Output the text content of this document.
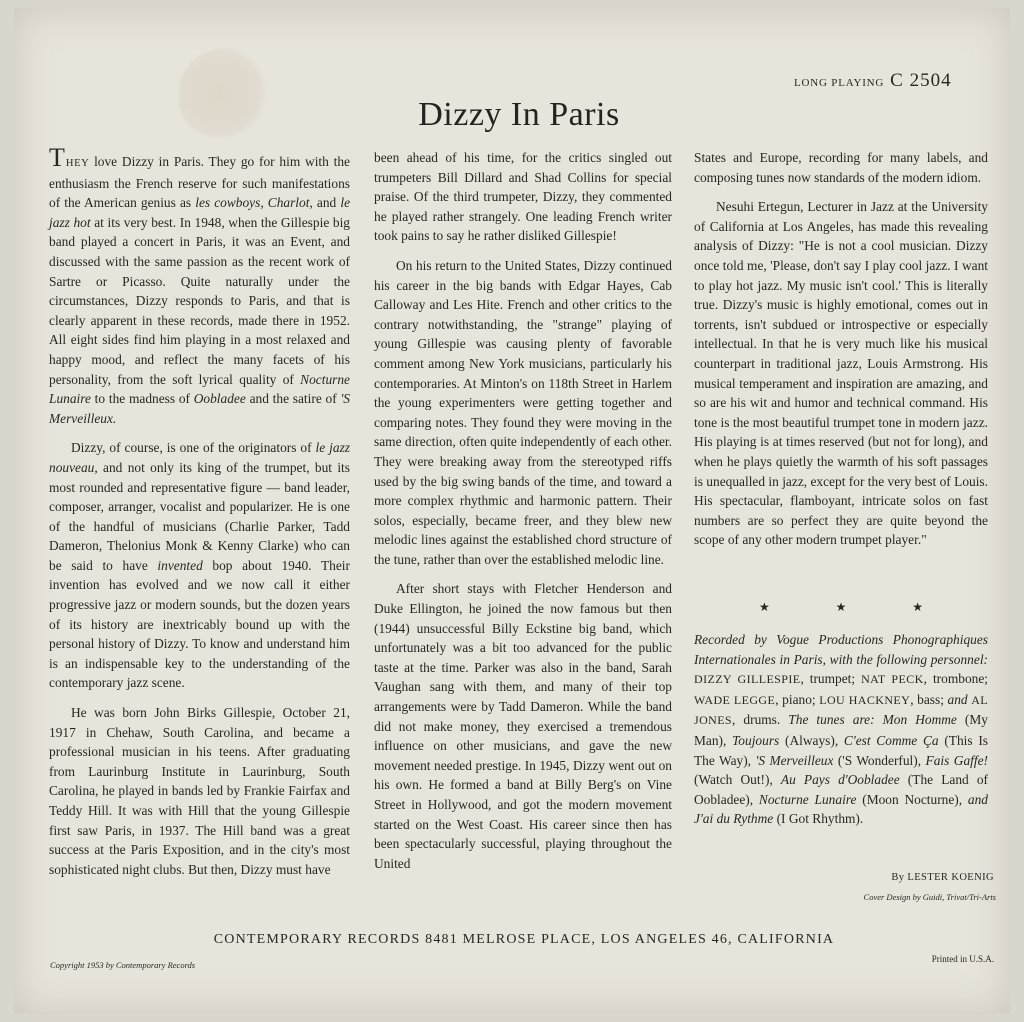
LONG PLAYING C 2504
Dizzy In Paris

THEY love Dizzy in Paris. They go for him with the enthusiasm the French reserve for such manifestations of the American genius as les cowboys, Charlot, and le jazz hot at its very best. In 1948, when the Gillespie big band played a concert in Paris, it was an Event, and discussed with the same passion as the recent work of Sartre or Picasso. Quite naturally under the circumstances, Dizzy responds to Paris, and that is clearly apparent in these records, made there in 1952. All eight sides find him playing in a most relaxed and happy mood, and reflect the many facets of his personality, from the soft lyrical quality of Nocturne Lunaire to the madness of Oobladee and the satire of 'S Merveilleux.

Dizzy, of course, is one of the originators of le jazz nouveau, and not only its king of the trumpet, but its most rounded and representative figure — band leader, composer, arranger, vocalist and popularizer. He is one of the handful of musicians (Charlie Parker, Tadd Dameron, Thelonius Monk & Kenny Clarke) who can be said to have invented bop about 1940. Their invention has evolved and we now call it either progressive jazz or modern sounds, but the dozen years of its history are inextricably bound up with the personal history of Dizzy. To know and understand him is an indispensable key to the understanding of the contemporary jazz scene.

He was born John Birks Gillespie, October 21, 1917 in Chehaw, South Carolina, and became a professional musician in his teens. After graduating from Laurinburg Institute in Laurinburg, South Carolina, he played in bands led by Frankie Fairfax and Teddy Hill. It was with Hill that the young Gillespie first saw Paris, in 1937. The Hill band was a great success at the Paris Exposition, and in the city's most sophisticated night clubs. But then, Dizzy must have

been ahead of his time, for the critics singled out trumpeters Bill Dillard and Shad Collins for special praise. Of the third trumpeter, Dizzy, they commented he played rather strangely. One leading French writer took pains to say he rather disliked Gillespie!

On his return to the United States, Dizzy continued his career in the big bands with Edgar Hayes, Cab Calloway and Les Hite. French and other critics to the contrary notwithstanding, the "strange" playing of young Gillespie was causing plenty of favorable comment among New York musicians, particularly his contemporaries. At Minton's on 118th Street in Harlem the young experimenters were getting together and comparing notes. They found they were moving in the same direction, often quite independently of each other. They were breaking away from the stereotyped riffs used by the big swing bands of the time, and toward a more complex rhythmic and harmonic pattern. Their solos, especially, became freer, and they blew new melodic lines against the established chord structure of the tune, rather than over the established melodic line.

After short stays with Fletcher Henderson and Duke Ellington, he joined the now famous but then (1944) unsuccessful Billy Eckstine big band, which unfortunately was a bit too advanced for the public taste at the time. Parker was also in the band, Sarah Vaughan sang with them, and many of their top arrangements were by Tadd Dameron. While the band did not make money, they exercised a tremendous influence on other musicians, and gave the new movement needed prestige. In 1945, Dizzy went out on his own. He formed a band at Billy Berg's on Vine Street in Hollywood, and got the modern movement started on the West Coast. His career since then has been spectacularly successful, playing throughout the United

States and Europe, recording for many labels, and composing tunes now standards of the modern idiom.

Nesuhi Ertegun, Lecturer in Jazz at the University of California at Los Angeles, has made this revealing analysis of Dizzy: "He is not a cool musician. Dizzy once told me, 'Please, don't say I play cool jazz. I want to play hot jazz. My music isn't cool.' This is literally true. Dizzy's music is highly emotional, comes out in torrents, isn't subdued or introspective or especially intellectual. In that he is very much like his musical counterpart in traditional jazz, Louis Armstrong. His musical temperament and inspiration are amazing, and so are his wit and humor and technical command. His tone is the most beautiful trumpet tone in modern jazz. His playing is at times reserved (but not for long), and when he plays quietly the warmth of his soft passages is unequalled in jazz, except for the very best of Louis. His spectacular, flamboyant, intricate solos on fast numbers are so perfect they are quite beyond the scope of any other modern trumpet player."

★	★	★
Recorded by Vogue Productions Phonographiques Internationales in Paris, with the following personnel: DIZZY GILLESPIE, trumpet; NAT PECK, trombone; WADE LEGGE, piano; LOU HACKNEY, bass; and AL JONES, drums. The tunes are: Mon Homme (My Man), Toujours (Always), C'est Comme Ça (This Is The Way), 'S Merveilleux ('S Wonderful), Fais Gaffe! (Watch Out!), Au Pays d'Oobladee (The Land of Oobladee), Nocturne Lunaire (Moon Nocturne), and J'ai du Rythme (I Got Rhythm).
By LESTER KOENIG
Cover Design by Guidi, Trivat/Tri-Arts
CONTEMPORARY RECORDS 8481 MELROSE PLACE, LOS ANGELES 46, CALIFORNIA
Copyright 1953 by Contemporary Records
Printed in U.S.A.
